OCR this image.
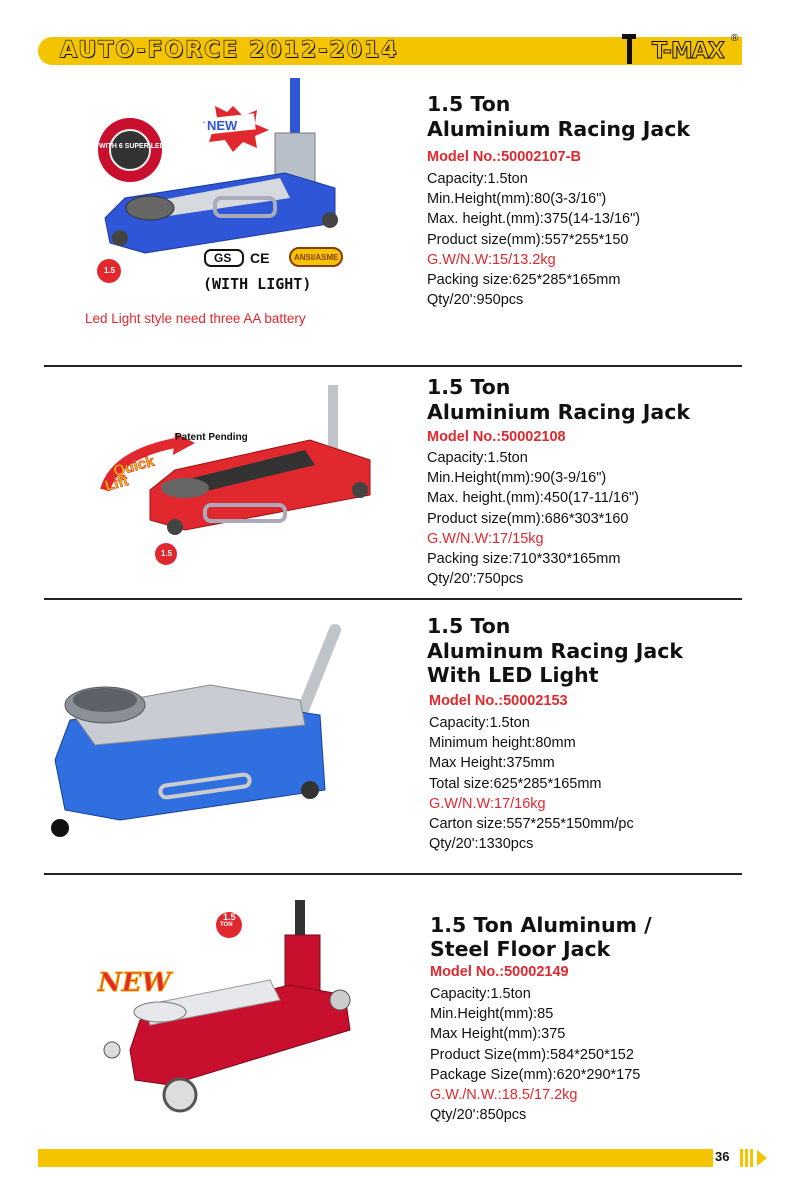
AUTO-FORCE 2012-2014	T-MAX
®
WITH 6 SUPER LED
NEW
1.5
CE
GS	ANSI/ASME
(WITH LIGHT)
1.5 Ton
Aluminium Racing Jack
Model No.:50002107-B
Capacity:1.5ton
Min.Height(mm):80(3-3/16")
Max. height.(mm):375(14-13/16")
Product size(mm):557*255*150
G.W/N.W:15/13.2kg
Packing size:625*285*165mm
Qty/20':950pcs
Led Light style need three AA battery
Patent Pending
Quick
Lift
1.5
1.5 Ton
Aluminium Racing Jack
Model No.:50002108
Capacity:1.5ton
Min.Height(mm):90(3-9/16")
Max. height.(mm):450(17-11/16")
Product size(mm):686*303*160
G.W/N.W:17/15kg
Packing size:710*330*165mm
Qty/20':750pcs
1.5 Ton
Aluminum Racing Jack
With LED Light
Model No.:50002153
Capacity:1.5ton
Minimum height:80mm
Max Height:375mm
Total size:625*285*165mm
G.W/N.W:17/16kg
Carton size:557*255*150mm/pc
Qty/20':1330pcs
NEW
1.5
TON	1.5 Ton Aluminum /
Steel Floor Jack
Model No.:50002149
Capacity:1.5ton
Min.Height(mm):85
Max Height(mm):375
Product Size(mm):584*250*152
Package Size(mm):620*290*175
G.W./N.W.:18.5/17.2kg
Qty/20':850pcs
36
